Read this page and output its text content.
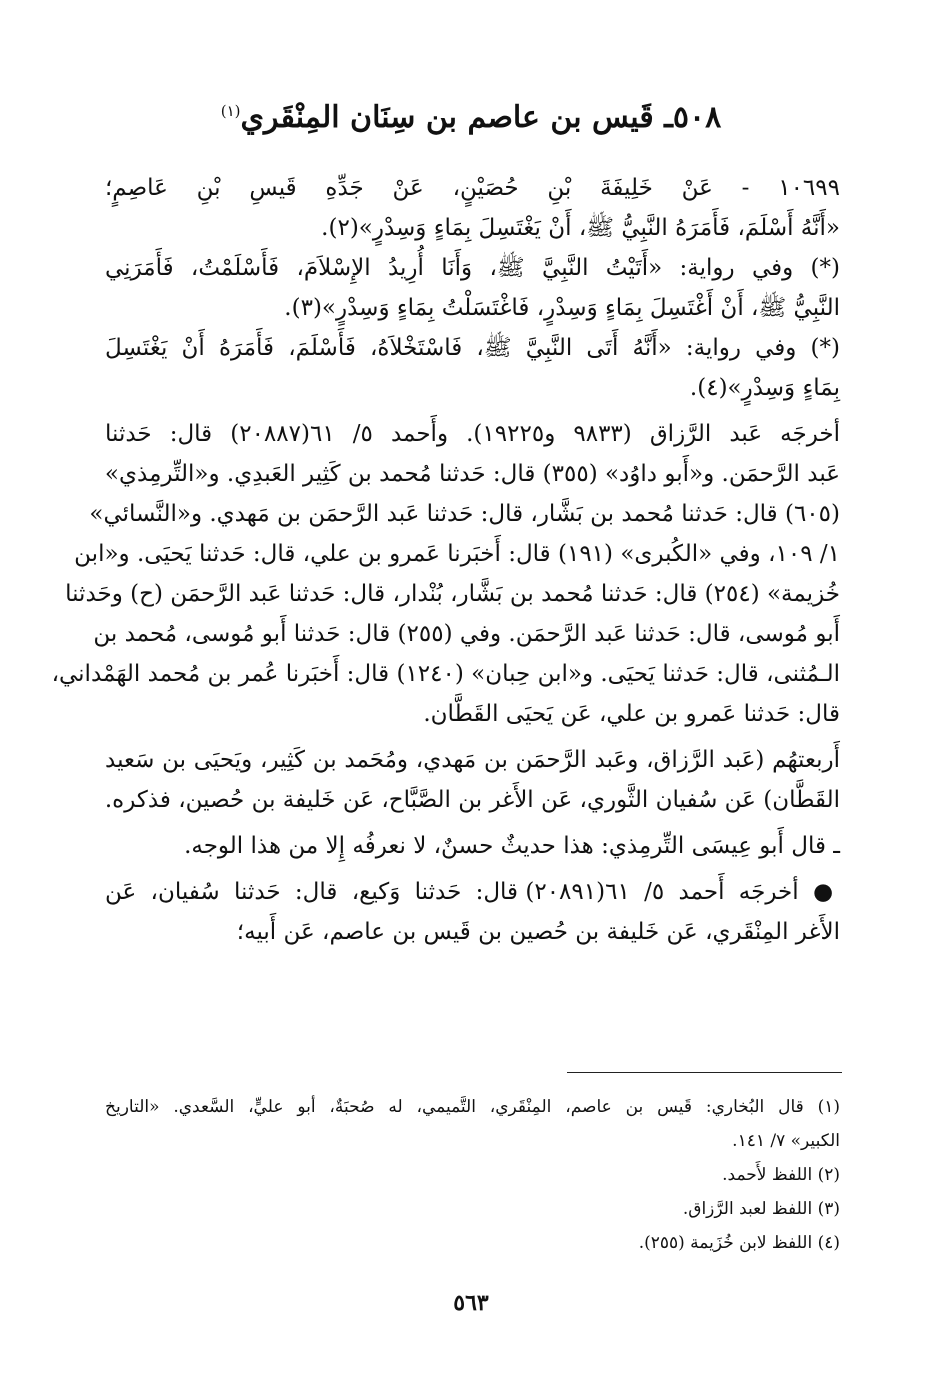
٥٠٨ـ قَيس بن عاصم بن سِنَان المِنْقَري$^{(١)}$
١٠٦٩٩ - عَنْ خَلِيفَةَ بْنِ حُصَيْنٍ، عَنْ جَدِّهِ قَيسِ بْنِ عَاصِمٍ؛
«أَنَّهُ أَسْلَمَ، فَأَمَرَهُ النَّبِيُّ ﷺ، أَنْ يَغْتَسِلَ بِمَاءٍ وَسِدْرٍ»(٢).
(*) وفي رواية: «أَتَيْتُ النَّبِيَّ ﷺ، وَأَنَا أُرِيدُ الإِسْلاَمَ، فَأَسْلَمْتُ، فَأَمَرَنِي
النَّبِيُّ ﷺ، أَنْ أَغْتَسِلَ بِمَاءٍ وَسِدْرٍ، فَاغْتَسَلْتُ بِمَاءٍ وَسِدْرٍ»(٣).
(*) وفي رواية: «أَنَّهُ أَتَى النَّبِيَّ ﷺ، فَاسْتَخْلاَهُ، فَأَسْلَمَ، فَأَمَرَهُ أَنْ يَغْتَسِلَ
بِمَاءٍ وَسِدْرٍ»(٤).
أخرجَه عَبد الرَّزاق (٩٨٣٣ و١٩٢٢٥). وأَحمد ٥/ ٦١(٢٠٨٨٧) قال: حَدثنا
عَبد الرَّحمَن. و«أَبو داوُد» (٣٥٥) قال: حَدثنا مُحمد بن كَثِير العَبدِي. و«التِّرمِذي»
(٦٠٥) قال: حَدثنا مُحمد بن بَشَّار، قال: حَدثنا عَبد الرَّحمَن بن مَهدي. و«النَّسائي»
١/ ١٠٩، وفي «الكُبرى» (١٩١) قال: أَخبَرنا عَمرو بن علي، قال: حَدثنا يَحيَى. و«ابن
خُزيمة» (٢٥٤) قال: حَدثنا مُحمد بن بَشَّار، بُنْدار، قال: حَدثنا عَبد الرَّحمَن (ح) وحَدثنا
أَبو مُوسى، قال: حَدثنا عَبد الرَّحمَن. وفي (٢٥٥) قال: حَدثنا أَبو مُوسى، مُحمد بن
الـمُثنى، قال: حَدثنا يَحيَى. و«ابن حِبان» (١٢٤٠) قال: أَخبَرنا عُمر بن مُحمد الهَمْداني،
قال: حَدثنا عَمرو بن علي، عَن يَحيَى القَطَّان.
أَربعتهُم (عَبد الرَّزاق، وعَبد الرَّحمَن بن مَهدي، ومُحَمد بن كَثِير، ويَحيَى بن سَعيد
القَطَّان) عَن سُفيان الثَّوري، عَن الأَغر بن الصَّبَّاح، عَن خَليفة بن حُصين، فذكره.
ـ قال أَبو عِيسَى التِّرمِذي: هذا حديثٌ حسنٌ، لا نعرفُه إِلا من هذا الوجه.
● أخرجَه أَحمد ٥/ ٦١(٢٠٨٩١) قال: حَدثنا وَكيع، قال: حَدثنا سُفيان، عَن
الأَغر المِنْقَري، عَن خَليفة بن حُصين بن قَيس بن عاصم، عَن أَبيه؛
(١) قال البُخاري: قَيس بن عاصم، المِنْقَري، التَّميمي، له صُحبَةٌ، أبو عليٍّ، السَّعدي. «التاريخ
الكبير» ٧/ ١٤١.
(٢) اللفظ لأَحمد.
(٣) اللفظ لعبد الرَّزاق.
(٤) اللفظ لابن خُزَيمة (٢٥٥).
٥٦٣
